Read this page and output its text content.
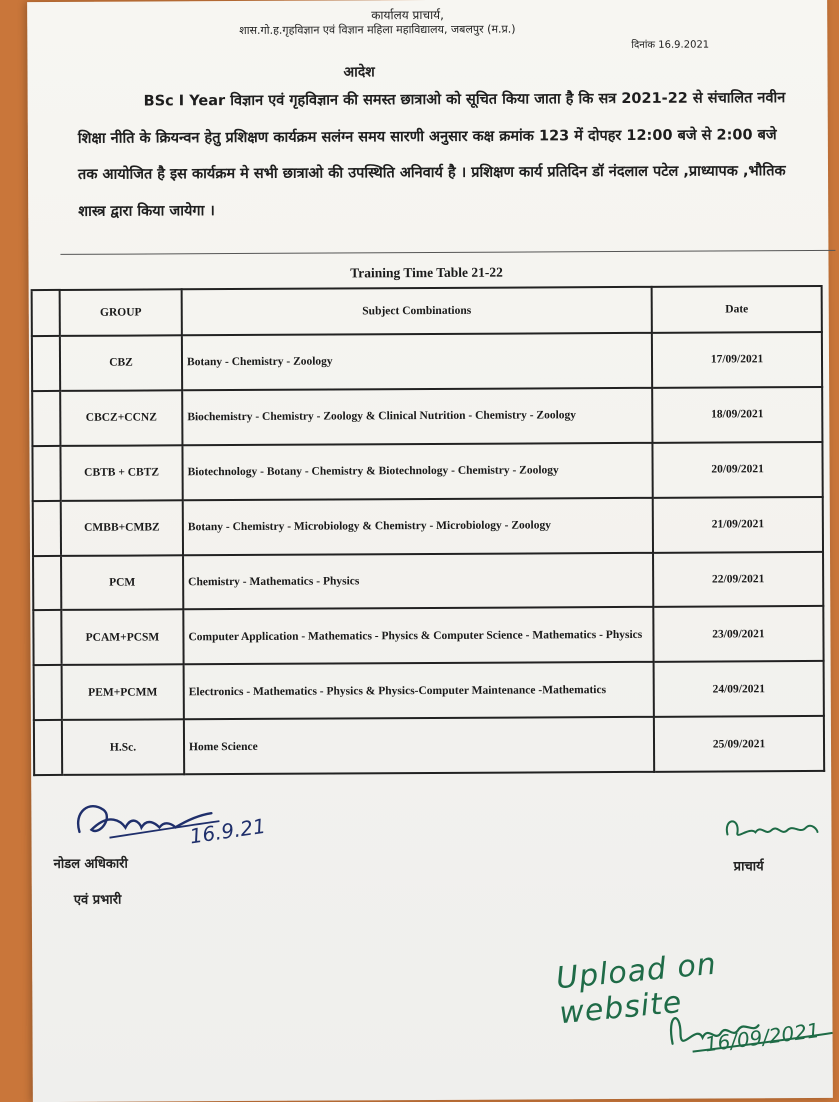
कार्यालय प्राचार्य,
शास.गो.ह.गृहविज्ञान एवं विज्ञान महिला महाविद्यालय, जबलपुर (म.प्र.)
दिनांक 16.9.2021
आदेश
BSc I Year विज्ञान एवं गृहविज्ञान की समस्त छात्राओ को सूचित किया जाता है कि सत्र 2021-22 से संचालित नवीन शिक्षा नीति के क्रियन्वन हेतु प्रशिक्षण कार्यक्रम सलंग्न समय सारणी अनुसार कक्ष क्रमांक 123 में दोपहर 12:00 बजे से 2:00 बजे तक आयोजित है इस कार्यक्रम मे सभी छात्राओ की उपस्थिति अनिवार्य है । प्रशिक्षण कार्य प्रतिदिन डॉ नंदलाल पटेल ,प्राध्यापक ,भौतिक शास्त्र द्वारा किया जायेगा ।
Training Time Table 21-22			
	GROUP	Subject Combinations	Date
	CBZ	Botany - Chemistry - Zoology	17/09/2021
	CBCZ+CCNZ	Biochemistry - Chemistry - Zoology & Clinical Nutrition - Chemistry - Zoology	18/09/2021
	CBTB + CBTZ	Biotechnology - Botany - Chemistry & Biotechnology - Chemistry - Zoology	20/09/2021
	CMBB+CMBZ	Botany - Chemistry - Microbiology & Chemistry - Microbiology - Zoology	21/09/2021
	PCM	Chemistry - Mathematics - Physics	22/09/2021
	PCAM+PCSM	Computer Application - Mathematics - Physics & Computer Science - Mathematics - Physics	23/09/2021
	PEM+PCMM	Electronics - Mathematics - Physics & Physics-Computer Maintenance -Mathematics	24/09/2021
	H.Sc.	Home Science	25/09/2021
16.9.21
नोडल अधिकारी
एवं प्रभारी
प्राचार्य
Upload on website
16/09/2021
